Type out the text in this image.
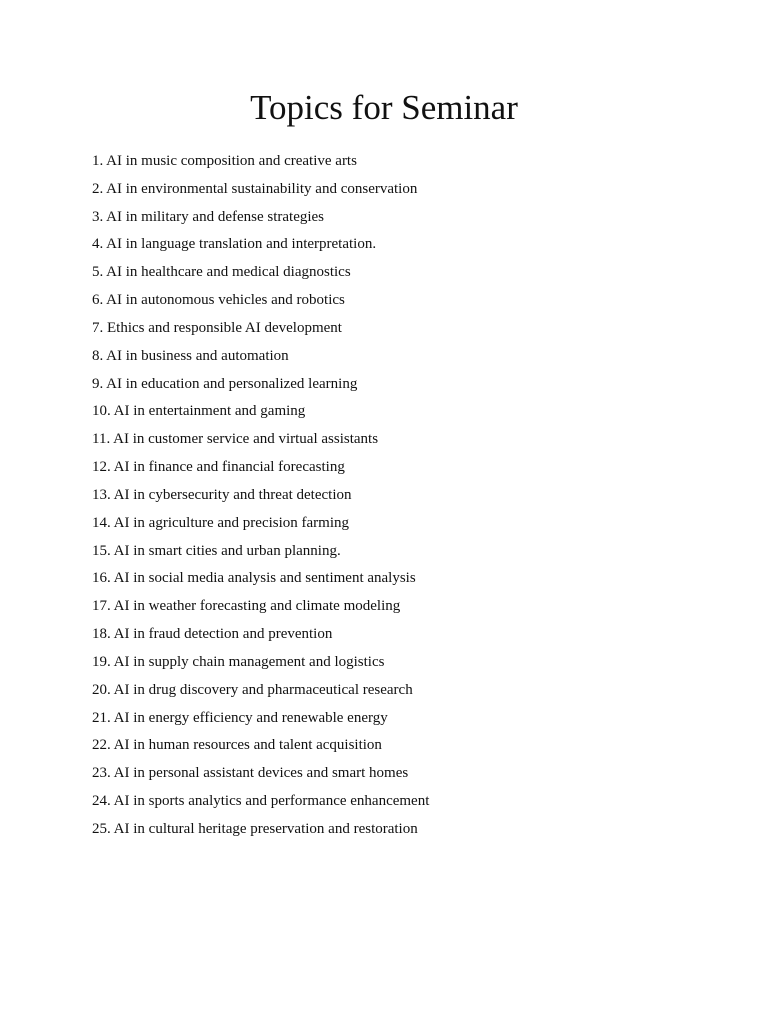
Topics for Seminar
1. AI in music composition and creative arts
2. AI in environmental sustainability and conservation
3. AI in military and defense strategies
4. AI in language translation and interpretation.
5. AI in healthcare and medical diagnostics
6. AI in autonomous vehicles and robotics
7. Ethics and responsible AI development
8. AI in business and automation
9. AI in education and personalized learning
10. AI in entertainment and gaming
11. AI in customer service and virtual assistants
12. AI in finance and financial forecasting
13. AI in cybersecurity and threat detection
14. AI in agriculture and precision farming
15. AI in smart cities and urban planning.
16. AI in social media analysis and sentiment analysis
17. AI in weather forecasting and climate modeling
18. AI in fraud detection and prevention
19. AI in supply chain management and logistics
20. AI in drug discovery and pharmaceutical research
21. AI in energy efficiency and renewable energy
22. AI in human resources and talent acquisition
23. AI in personal assistant devices and smart homes
24. AI in sports analytics and performance enhancement
25. AI in cultural heritage preservation and restoration
